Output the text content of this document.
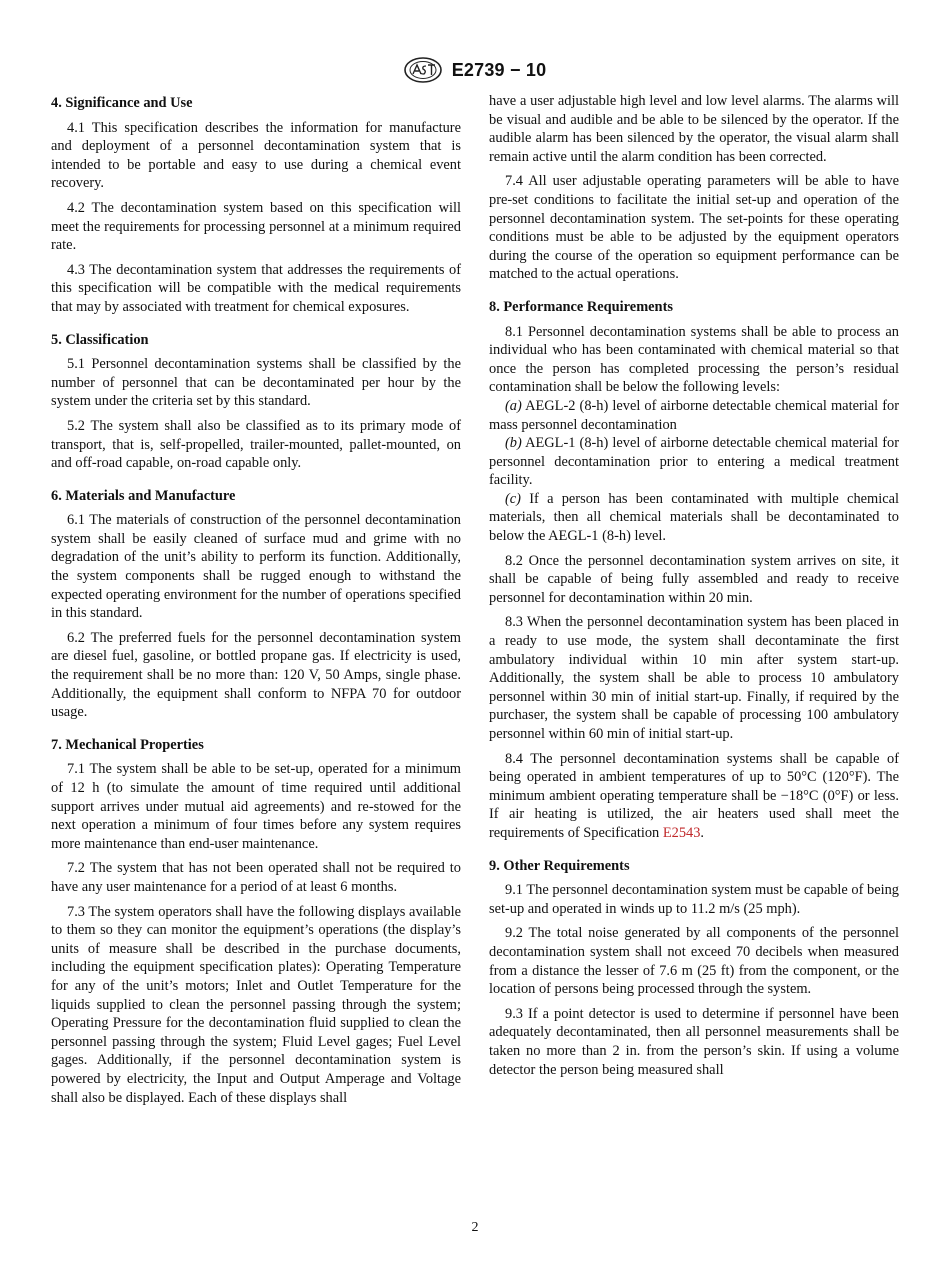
E2739 − 10
4. Significance and Use

4.1 This specification describes the information for manufacture and deployment of a personnel decontamination system that is intended to be portable and easy to use during a chemical event recovery.

4.2 The decontamination system based on this specification will meet the requirements for processing personnel at a minimum required rate.

4.3 The decontamination system that addresses the requirements of this specification will be compatible with the medical requirements that may by associated with treatment for chemical exposures.

5. Classification

5.1 Personnel decontamination systems shall be classified by the number of personnel that can be decontaminated per hour by the system under the criteria set by this standard.

5.2 The system shall also be classified as to its primary mode of transport, that is, self-propelled, trailer-mounted, pallet-mounted, on and off-road capable, on-road capable only.

6. Materials and Manufacture

6.1 The materials of construction of the personnel decontamination system shall be easily cleaned of surface mud and grime with no degradation of the unit’s ability to perform its function. Additionally, the system components shall be rugged enough to withstand the expected operating environment for the number of operations specified in this standard.

6.2 The preferred fuels for the personnel decontamination system are diesel fuel, gasoline, or bottled propane gas. If electricity is used, the requirement shall be no more than: 120 V, 50 Amps, single phase. Additionally, the equipment shall conform to NFPA 70 for outdoor usage.

7. Mechanical Properties

7.1 The system shall be able to be set-up, operated for a minimum of 12 h (to simulate the amount of time required until additional support arrives under mutual aid agreements) and re-stowed for the next operation a minimum of four times before any system requires more maintenance than end-user maintenance.

7.2 The system that has not been operated shall not be required to have any user maintenance for a period of at least 6 months.

7.3 The system operators shall have the following displays available to them so they can monitor the equipment’s operations (the display’s units of measure shall be described in the purchase documents, including the equipment specification plates): Operating Temperature for any of the unit’s motors; Inlet and Outlet Temperature for the liquids supplied to clean the personnel passing through the system; Operating Pressure for the decontamination fluid supplied to clean the personnel passing through the system; Fluid Level gages; Fuel Level gages. Additionally, if the personnel decontamination system is powered by electricity, the Input and Output Amperage and Voltage shall also be displayed. Each of these displays shall

have a user adjustable high level and low level alarms. The alarms will be visual and audible and be able to be silenced by the operator. If the audible alarm has been silenced by the operator, the visual alarm shall remain active until the alarm condition has been corrected.

7.4 All user adjustable operating parameters will be able to have pre-set conditions to facilitate the initial set-up and operation of the personnel decontamination system. The set-points for these operating conditions must be able to be adjusted by the equipment operators during the course of the operation so equipment performance can be matched to the actual operations.

8. Performance Requirements

8.1 Personnel decontamination systems shall be able to process an individual who has been contaminated with chemical material so that once the person has completed processing the person’s residual contamination shall be below the following levels:

(a) AEGL-2 (8-h) level of airborne detectable chemical material for mass personnel decontamination

(b) AEGL-1 (8-h) level of airborne detectable chemical material for personnel decontamination prior to entering a medical treatment facility.

(c) If a person has been contaminated with multiple chemical materials, then all chemical materials shall be decontaminated to below the AEGL-1 (8-h) level.

8.2 Once the personnel decontamination system arrives on site, it shall be capable of being fully assembled and ready to receive personnel for decontamination within 20 min.

8.3 When the personnel decontamination system has been placed in a ready to use mode, the system shall decontaminate the first ambulatory individual within 10 min after system start-up. Additionally, the system shall be able to process 10 ambulatory personnel within 30 min of initial start-up. Finally, if required by the purchaser, the system shall be capable of processing 100 ambulatory personnel within 60 min of initial start-up.

8.4 The personnel decontamination systems shall be capable of being operated in ambient temperatures of up to 50°C (120°F). The minimum ambient operating temperature shall be −18°C (0°F) or less. If air heating is utilized, the air heaters used shall meet the requirements of Specification E2543.

9. Other Requirements

9.1 The personnel decontamination system must be capable of being set-up and operated in winds up to 11.2 m/s (25 mph).

9.2 The total noise generated by all components of the personnel decontamination system shall not exceed 70 decibels when measured from a distance the lesser of 7.6 m (25 ft) from the component, or the location of persons being processed through the system.

9.3 If a point detector is used to determine if personnel have been adequately decontaminated, then all personnel measurements shall be taken no more than 2 in. from the person’s skin. If using a volume detector the person being measured shall

2
